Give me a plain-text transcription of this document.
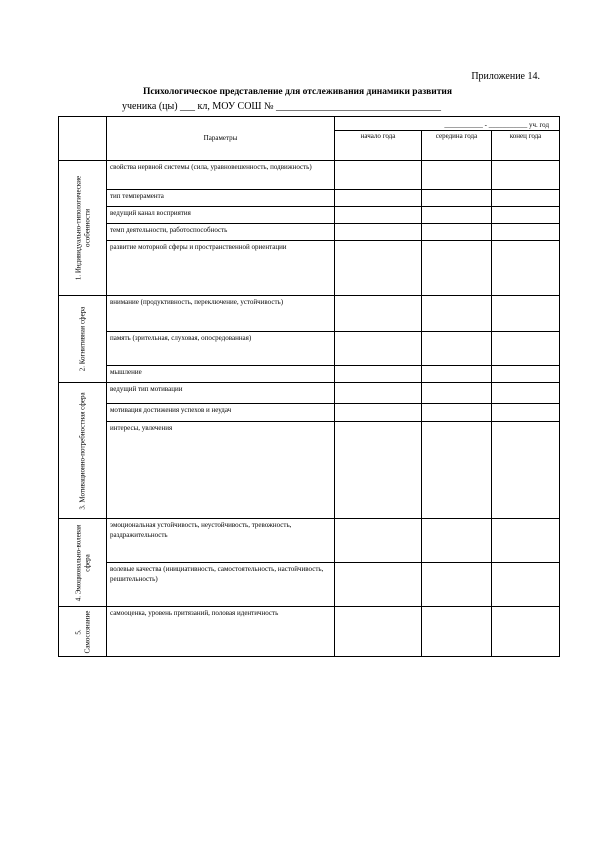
Приложение 14.
Психологическое представление для отслеживания динамики развития
ученика (цы) ___ кл, МОУ СОШ № _________________________________
	Параметры	___________ - ___________ уч. год		
		начало года	середина года	конец года

1. Индивидуально-типологические особенности	свойства нервной системы (сила, уравновешенность, подвижность)			
	тип темперамента			
	ведущий канал восприятия			
	темп деятельности, работоспособность			
	развитие моторной сферы и пространственной ориентации			

2. Когнитивная сфера	внимание (продуктивность, переключение, устойчивость)			
	память (зрительная, слуховая, опосредованная)			
	мышление			

3. Мотивационно-потребностная сфера	ведущий тип мотивации			
	мотивация достижения успехов и неудач			
	интересы, увлечения			

4. Эмоционально-волевая сфера	эмоциональная устойчивость, неустойчивость, тревожность, раздражительность			
	волевые качества (инициативность, самостоятельность, настойчивость, решительность)			

5. Самосознание	самооценка, уровень притязаний, половая идентичность			
